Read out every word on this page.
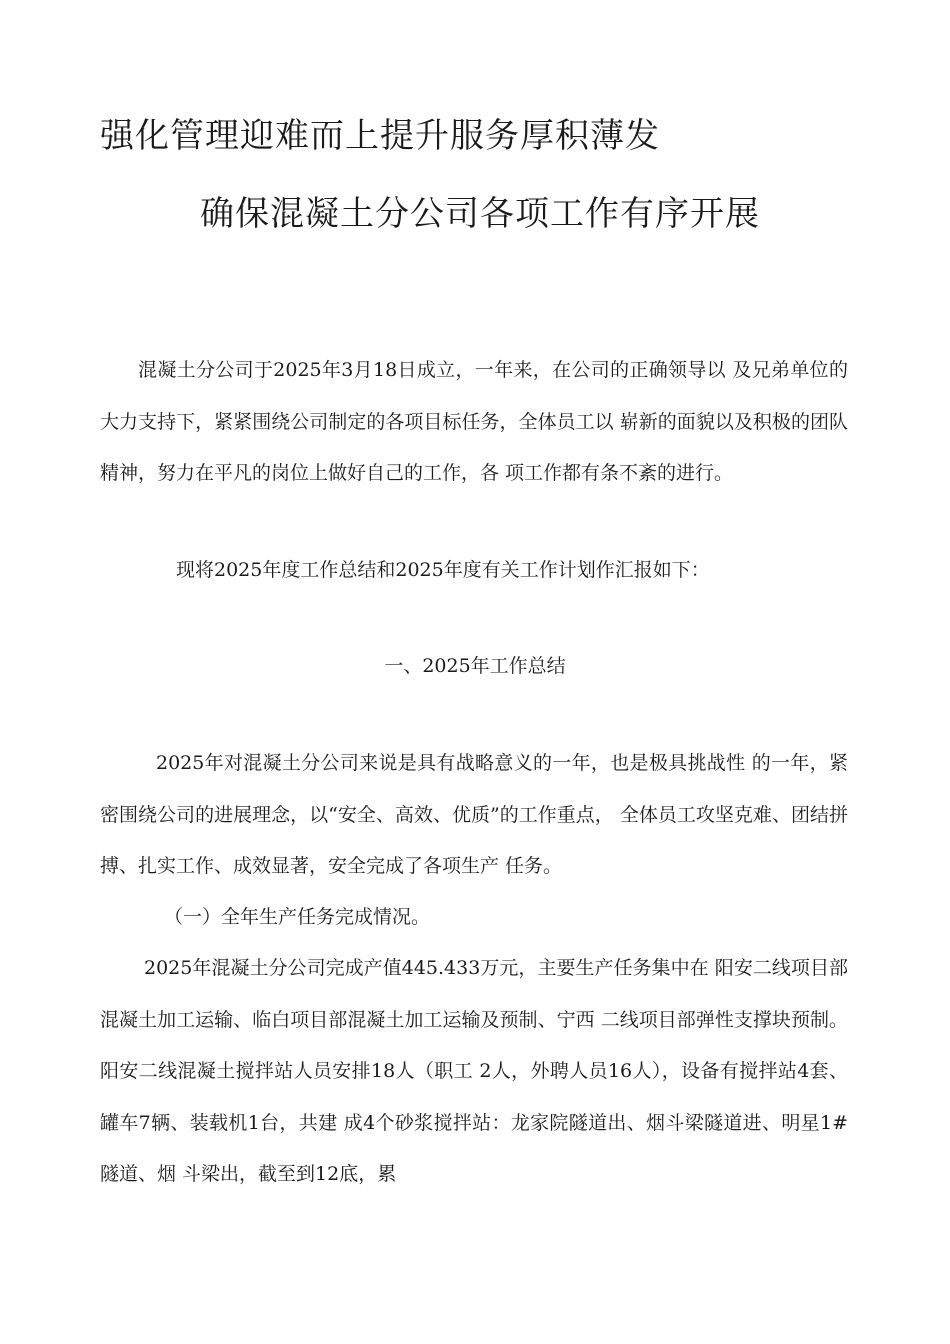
强化管理迎难而上提升服务厚积薄发
确保混凝土分公司各项工作有序开展

混凝土分公司于2025年3月18日成立，一年来，在公司的正确领导以 及兄弟单位的大力支持下，紧紧围绕公司制定的各项目标任务，全体员工以 崭新的面貌以及积极的团队精神，努力在平凡的岗位上做好自己的工作，各 项工作都有条不紊的进行。

现将2025年度工作总结和2025年度有关工作计划作汇报如下：

一、2025年工作总结

2025年对混凝土分公司来说是具有战略意义的一年，也是极具挑战性 的一年，紧密围绕公司的进展理念，以“安全、高效、优质”的工作重点， 全体员工攻坚克难、团结拼搏、扎实工作、成效显著，安全完成了各项生产 任务。

（一）全年生产任务完成情况。

2025年混凝土分公司完成产值445.433万元，主要生产任务集中在 阳安二线项目部混凝土加工运输、临白项目部混凝土加工运输及预制、宁西 二线项目部弹性支撑块预制。阳安二线混凝土搅拌站人员安排18人（职工 2人，外聘人员16人），设备有搅拌站4套、罐车7辆、装载机1台，共建 成4个砂浆搅拌站：龙家院隧道出、烟斗梁隧道进、明星1#隧道、烟 斗梁出，截至到12底，累
